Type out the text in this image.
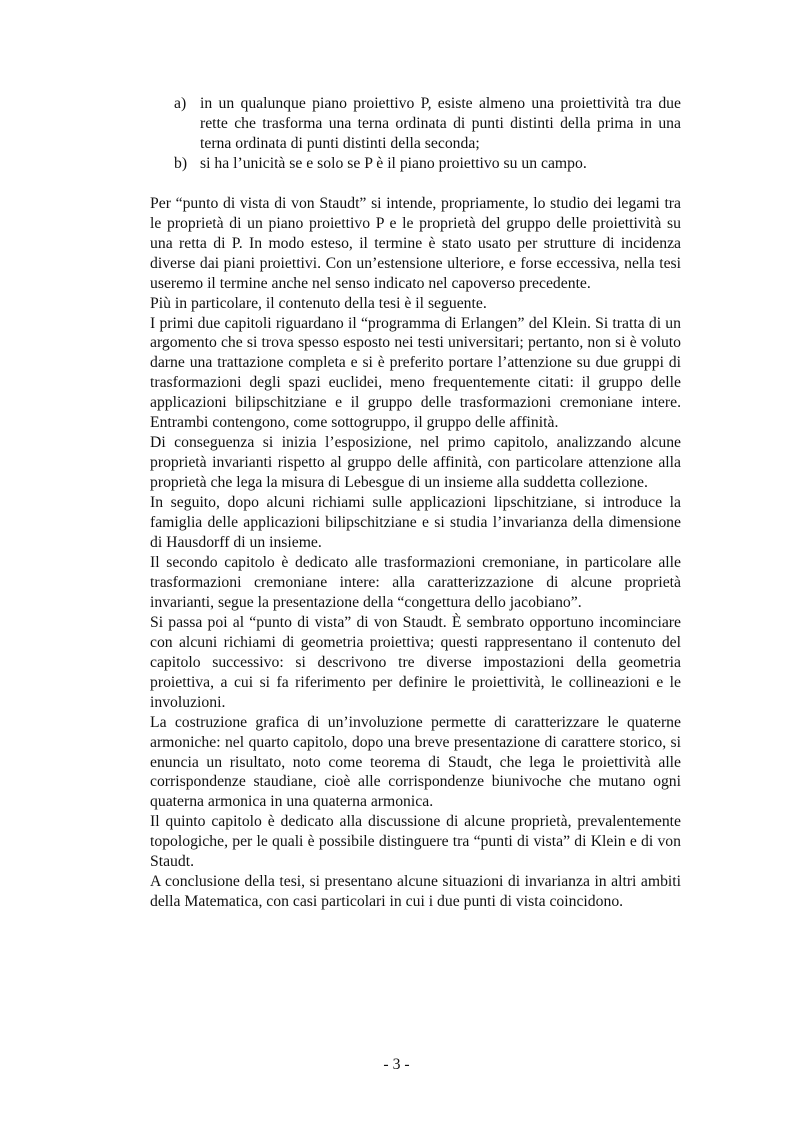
a) in un qualunque piano proiettivo P, esiste almeno una proiettività tra due rette che trasforma una terna ordinata di punti distinti della prima in una terna ordinata di punti distinti della seconda;
b) si ha l’unicità se e solo se P è il piano proiettivo su un campo.

Per “punto di vista di von Staudt” si intende, propriamente, lo studio dei legami tra le proprietà di un piano proiettivo P e le proprietà del gruppo delle proiettività su una retta di P. In modo esteso, il termine è stato usato per strutture di incidenza diverse dai piani proiettivi. Con un’estensione ulteriore, e forse eccessiva, nella tesi useremo il termine anche nel senso indicato nel capoverso precedente.

Più in particolare, il contenuto della tesi è il seguente.

I primi due capitoli riguardano il “programma di Erlangen” del Klein. Si tratta di un argomento che si trova spesso esposto nei testi universitari; pertanto, non si è voluto darne una trattazione completa e si è preferito portare l’attenzione su due gruppi di trasformazioni degli spazi euclidei, meno frequentemente citati: il gruppo delle applicazioni bilipschitziane e il gruppo delle trasformazioni cremoniane intere. Entrambi contengono, come sottogruppo, il gruppo delle affinità.

Di conseguenza si inizia l’esposizione, nel primo capitolo, analizzando alcune proprietà invarianti rispetto al gruppo delle affinità, con particolare attenzione alla proprietà che lega la misura di Lebesgue di un insieme alla suddetta collezione.

In seguito, dopo alcuni richiami sulle applicazioni lipschitziane, si introduce la famiglia delle applicazioni bilipschitziane e si studia l’invarianza della dimensione di Hausdorff di un insieme.

Il secondo capitolo è dedicato alle trasformazioni cremoniane, in particolare alle trasformazioni cremoniane intere: alla caratterizzazione di alcune proprietà invarianti, segue la presentazione della “congettura dello jacobiano”.

Si passa poi al “punto di vista” di von Staudt. È sembrato opportuno incominciare con alcuni richiami di geometria proiettiva; questi rappresentano il contenuto del capitolo successivo: si descrivono tre diverse impostazioni della geometria proiettiva, a cui si fa riferimento per definire le proiettività, le collineazioni e le involuzioni.

La costruzione grafica di un’involuzione permette di caratterizzare le quaterne armoniche: nel quarto capitolo, dopo una breve presentazione di carattere storico, si enuncia un risultato, noto come teorema di Staudt, che lega le proiettività alle corrispondenze staudiane, cioè alle corrispondenze biunivoche che mutano ogni quaterna armonica in una quaterna armonica.

Il quinto capitolo è dedicato alla discussione di alcune proprietà, prevalentemente topologiche, per le quali è possibile distinguere tra “punti di vista” di Klein e di von Staudt.

A conclusione della tesi, si presentano alcune situazioni di invarianza in altri ambiti della Matematica, con casi particolari in cui i due punti di vista coincidono.

- 3 -
